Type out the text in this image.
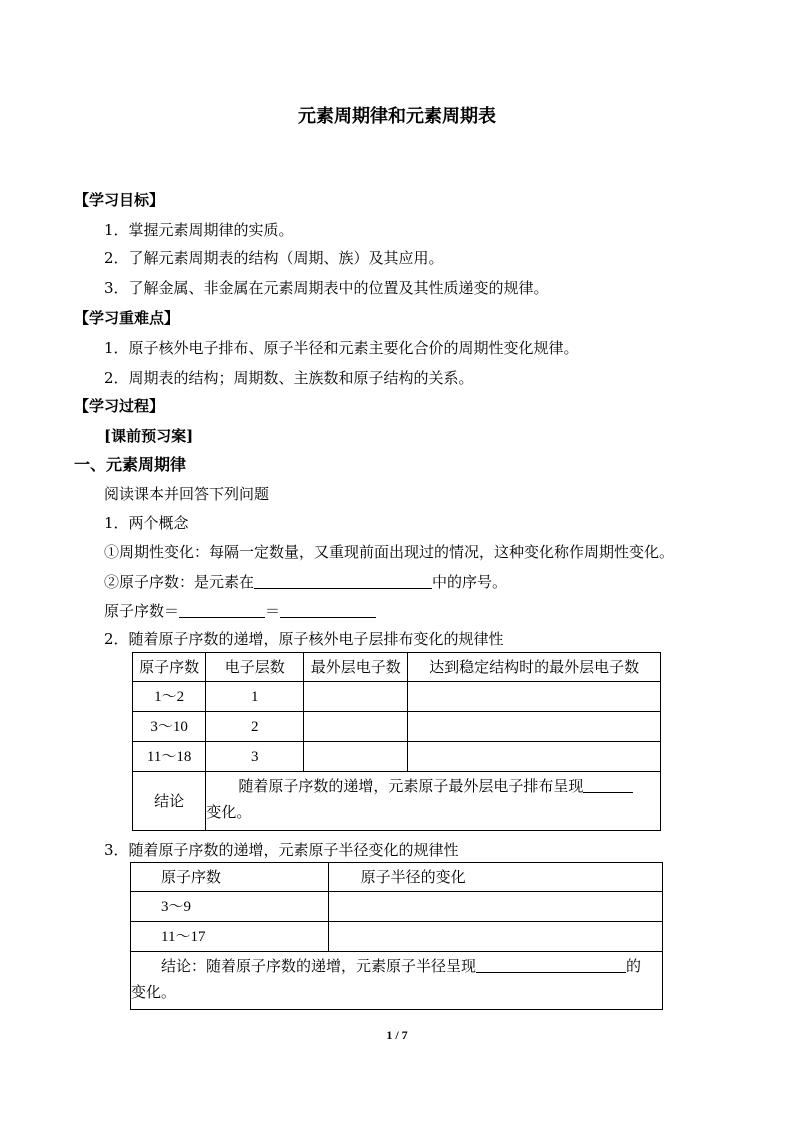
元素周期律和元素周期表
【学习目标】
1．掌握元素周期律的实质。
2．了解元素周期表的结构（周期、族）及其应用。
3．了解金属、非金属在元素周期表中的位置及其性质递变的规律。
【学习重难点】
1．原子核外电子排布、原子半径和元素主要化合价的周期性变化规律。
2．周期表的结构；周期数、主族数和原子结构的关系。
【学习过程】
[课前预习案]
一、元素周期律
阅读课本并回答下列问题
1．两个概念
①周期性变化：每隔一定数量，又重现前面出现过的情况，这种变化称作周期性变化。
②原子序数：是元素在	中的序号。
原子序数＝	＝
2．随着原子序数的递增，原子核外电子层排布变化的规律性
原子序数	电子层数	最外层电子数	达到稳定结构时的最外层电子数
1～2	1		
3～10	2		
11～18	3		
结论	随着原子序数的递增，元素原子最外层电子排布呈现
变化。		
3．随着原子序数的递增，元素原子半径变化的规律性
原子序数	原子半径的变化
3～9	
11～17	

结论：随着原子序数的递增，元素原子半径呈现 的
变化。	
1 / 7
